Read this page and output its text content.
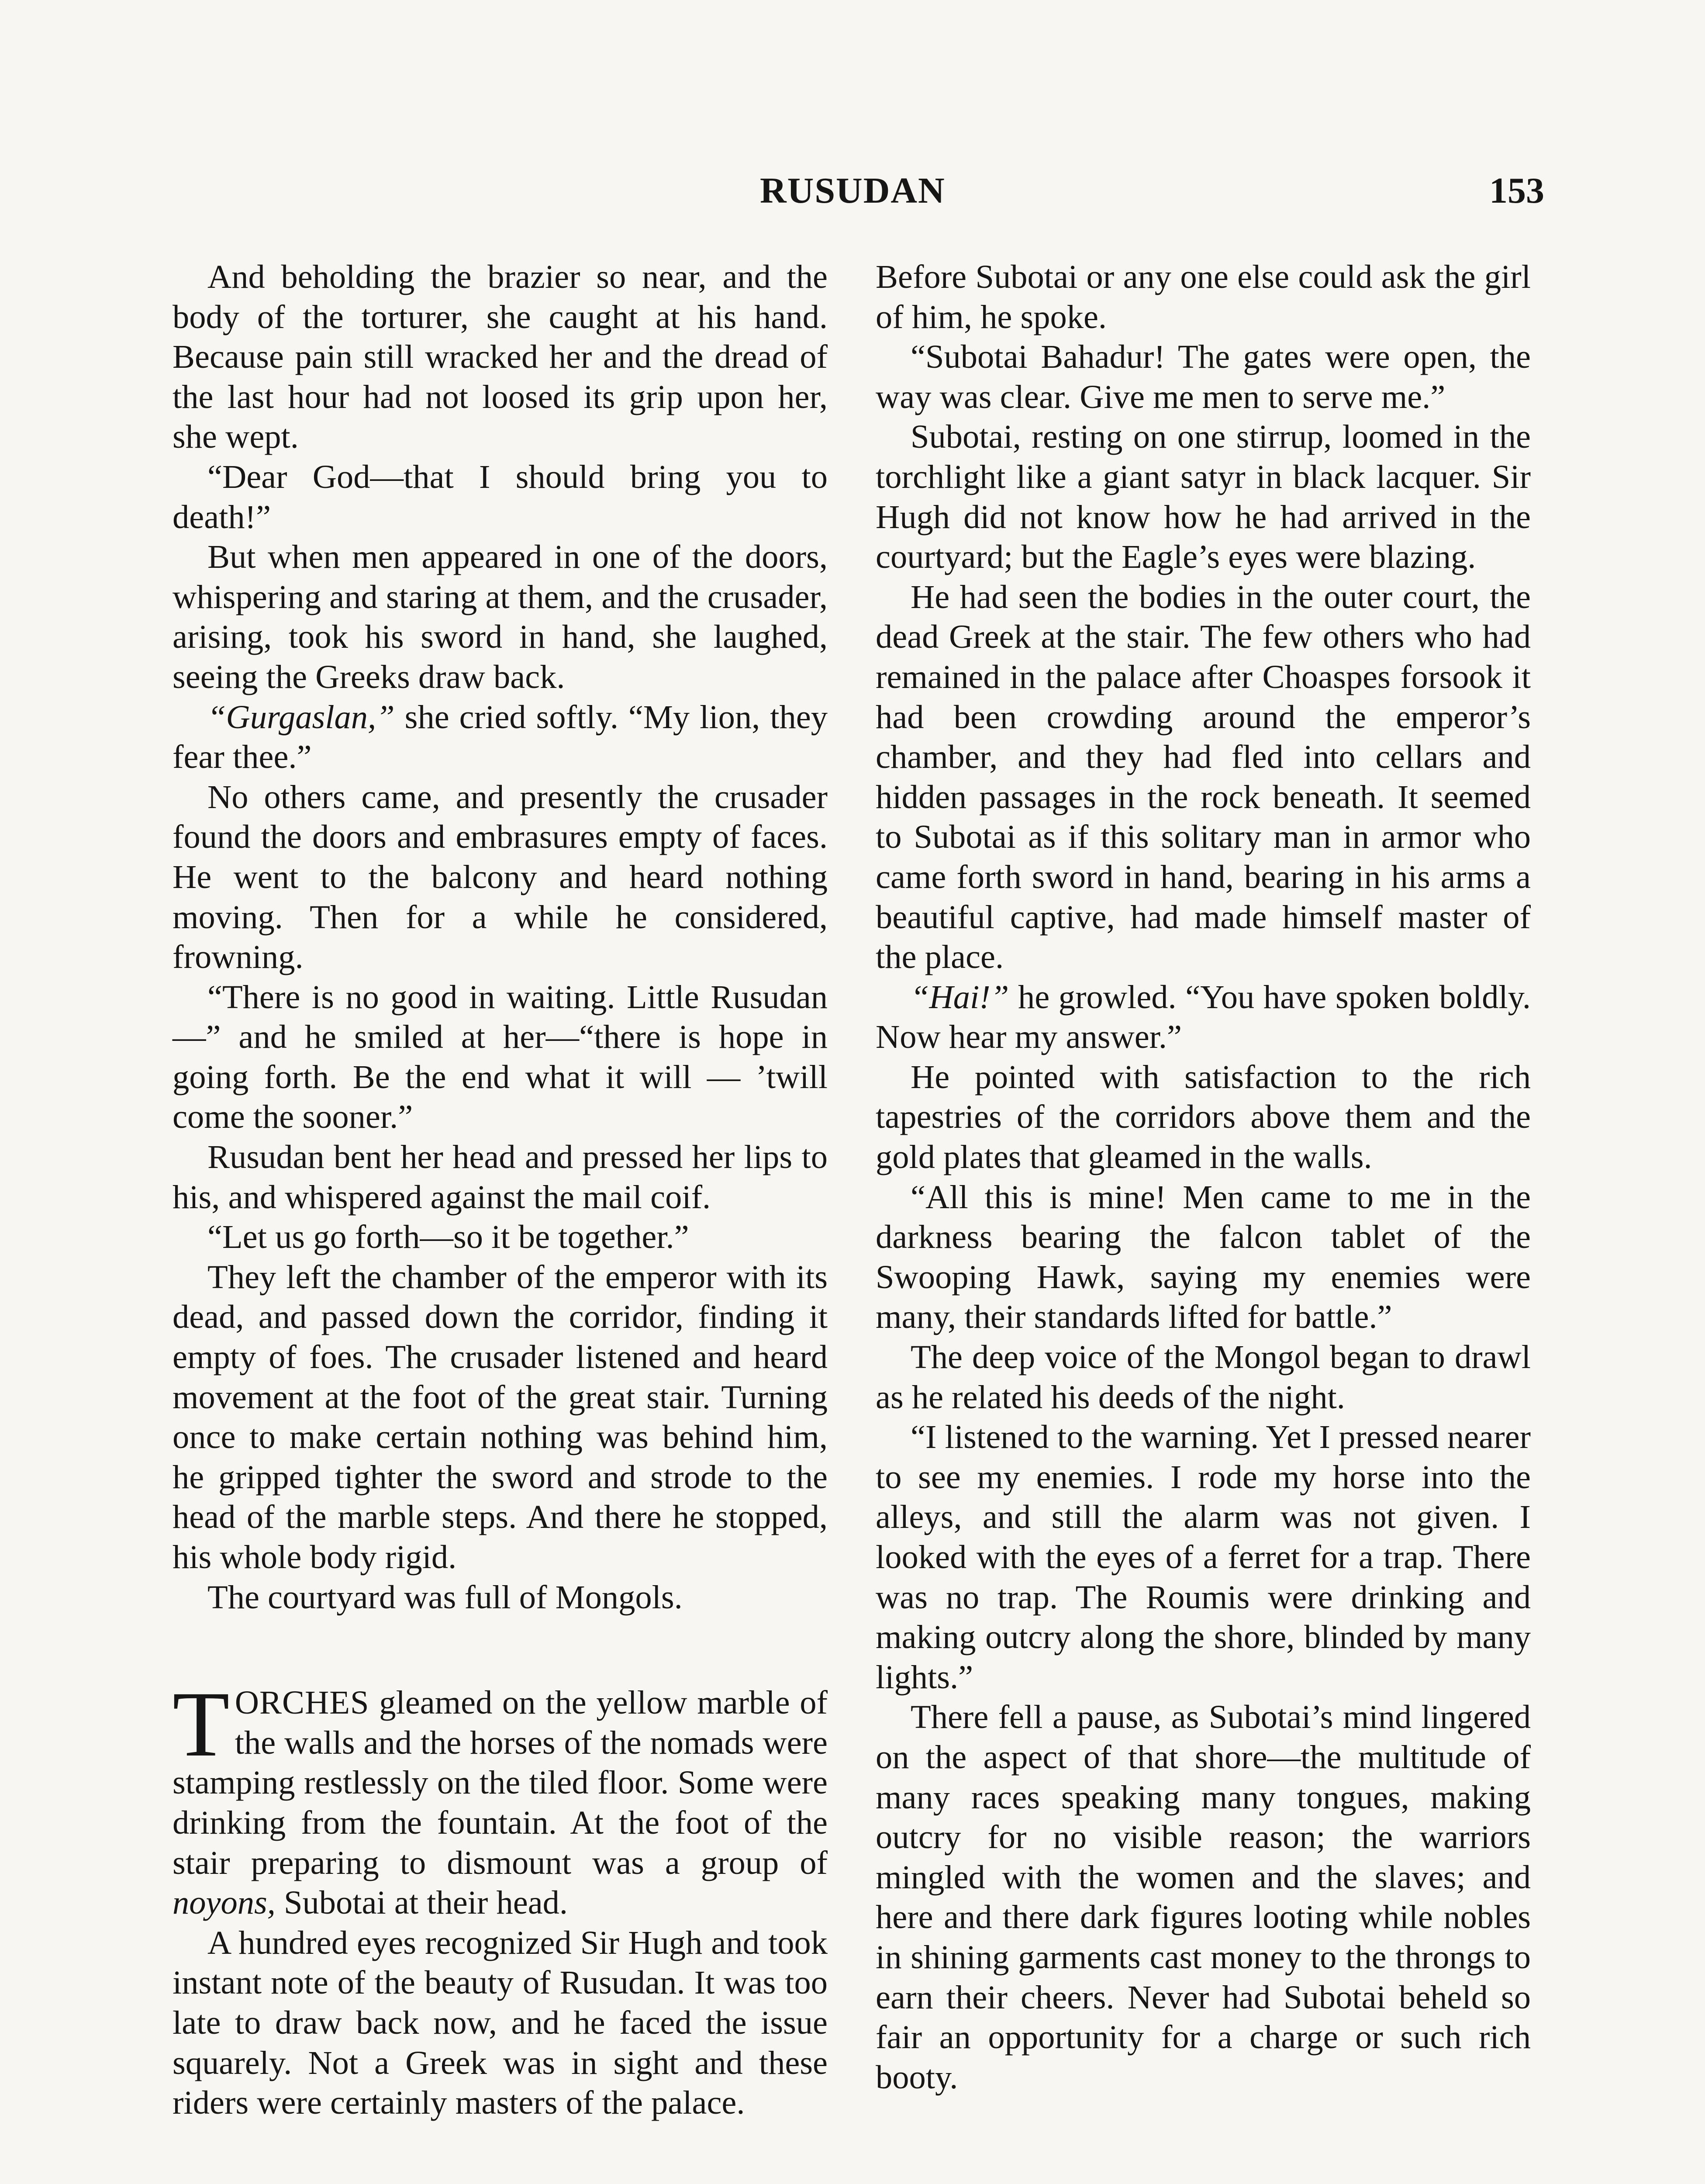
RUSUDAN	153

And beholding the brazier so near, and the body of the torturer, she caught at his hand. Because pain still wracked her and the dread of the last hour had not loosed its grip upon her, she wept.

“Dear God—that I should bring you to death!”

But when men appeared in one of the doors, whispering and staring at them, and the crusader, arising, took his sword in hand, she laughed, seeing the Greeks draw back.

“Gurgaslan,” she cried softly. “My lion, they fear thee.”

No others came, and presently the crusader found the doors and embrasures empty of faces. He went to the balcony and heard nothing moving. Then for a while he considered, frowning.

“There is no good in waiting. Little Rusudan—” and he smiled at her—“there is hope in going forth. Be the end what it will — ’twill come the sooner.”

Rusudan bent her head and pressed her lips to his, and whispered against the mail coif.

“Let us go forth—so it be together.”

They left the chamber of the emperor with its dead, and passed down the corridor, finding it empty of foes. The crusader listened and heard movement at the foot of the great stair. Turning once to make certain nothing was behind him, he gripped tighter the sword and strode to the head of the marble steps. And there he stopped, his whole body rigid.

The courtyard was full of Mongols.

TORCHES gleamed on the yellow marble of the walls and the horses of the nomads were stamping restlessly on the tiled floor. Some were drinking from the fountain. At the foot of the stair preparing to dismount was a group of noyons, Subotai at their head.

A hundred eyes recognized Sir Hugh and took instant note of the beauty of Rusudan. It was too late to draw back now, and he faced the issue squarely. Not a Greek was in sight and these riders were certainly masters of the palace.

Before Subotai or any one else could ask the girl of him, he spoke.

“Subotai Bahadur! The gates were open, the way was clear. Give me men to serve me.”

Subotai, resting on one stirrup, loomed in the torchlight like a giant satyr in black lacquer. Sir Hugh did not know how he had arrived in the courtyard; but the Eagle’s eyes were blazing.

He had seen the bodies in the outer court, the dead Greek at the stair. The few others who had remained in the palace after Choaspes forsook it had been crowding around the emperor’s chamber, and they had fled into cellars and hidden passages in the rock beneath. It seemed to Subotai as if this solitary man in armor who came forth sword in hand, bearing in his arms a beautiful captive, had made himself master of the place.

“Hai!” he growled. “You have spoken boldly. Now hear my answer.”

He pointed with satisfaction to the rich tapestries of the corridors above them and the gold plates that gleamed in the walls.

“All this is mine! Men came to me in the darkness bearing the falcon tablet of the Swooping Hawk, saying my enemies were many, their standards lifted for battle.”

The deep voice of the Mongol began to drawl as he related his deeds of the night.

“I listened to the warning. Yet I pressed nearer to see my enemies. I rode my horse into the alleys, and still the alarm was not given. I looked with the eyes of a ferret for a trap. There was no trap. The Roumis were drinking and making outcry along the shore, blinded by many lights.”

There fell a pause, as Subotai’s mind lingered on the aspect of that shore—the multitude of many races speaking many tongues, making outcry for no visible reason; the warriors mingled with the women and the slaves; and here and there dark figures looting while nobles in shining garments cast money to the throngs to earn their cheers. Never had Subotai beheld so fair an opportunity for a charge or such rich booty.
